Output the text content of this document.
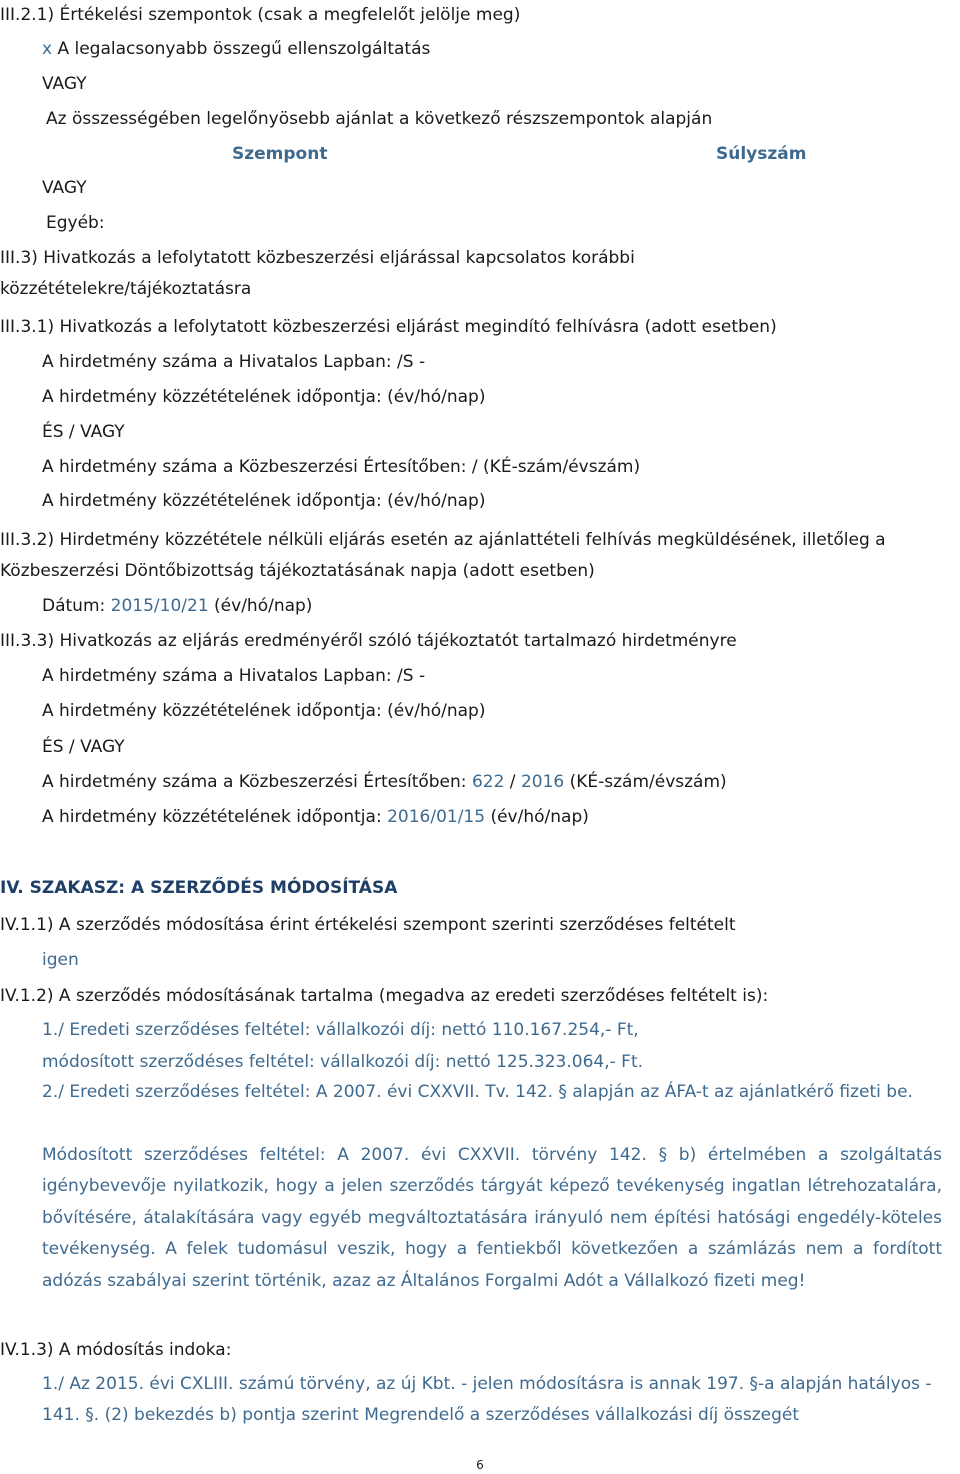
III.2.1) Értékelési szempontok (csak a megfelelőt jelölje meg)
x A legalacsonyabb összegű ellenszolgáltatás
VAGY
Az összességében legelőnyösebb ajánlat a következő részszempontok alapján
Szempont	Súlyszám
VAGY
Egyéb:
III.3) Hivatkozás a lefolytatott közbeszerzési eljárással kapcsolatos korábbi
közzétételekre/tájékoztatásra
III.3.1) Hivatkozás a lefolytatott közbeszerzési eljárást megindító felhívásra (adott esetben)
A hirdetmény száma a Hivatalos Lapban: /S -
A hirdetmény közzétételének időpontja: (év/hó/nap)
ÉS / VAGY
A hirdetmény száma a Közbeszerzési Értesítőben: / (KÉ-szám/évszám)
A hirdetmény közzétételének időpontja: (év/hó/nap)
III.3.2) Hirdetmény közzététele nélküli eljárás esetén az ajánlattételi felhívás megküldésének, illetőleg a
Közbeszerzési Döntőbizottság tájékoztatásának napja (adott esetben)
Dátum: 2015/10/21 (év/hó/nap)
III.3.3) Hivatkozás az eljárás eredményéről szóló tájékoztatót tartalmazó hirdetményre
A hirdetmény száma a Hivatalos Lapban: /S -
A hirdetmény közzétételének időpontja: (év/hó/nap)
ÉS / VAGY
A hirdetmény száma a Közbeszerzési Értesítőben: 622 / 2016 (KÉ-szám/évszám)
A hirdetmény közzétételének időpontja: 2016/01/15 (év/hó/nap)
IV. SZAKASZ: A SZERZŐDÉS MÓDOSÍTÁSA
IV.1.1) A szerződés módosítása érint értékelési szempont szerinti szerződéses feltételt
igen
IV.1.2) A szerződés módosításának tartalma (megadva az eredeti szerződéses feltételt is):
1./ Eredeti szerződéses feltétel: vállalkozói díj: nettó 110.167.254,- Ft,
módosított szerződéses feltétel: vállalkozói díj: nettó 125.323.064,- Ft.
2./ Eredeti szerződéses feltétel: A 2007. évi CXXVII. Tv. 142. § alapján az ÁFA-t az ajánlatkérő fizeti be.
Módosított szerződéses feltétel: A 2007. évi CXXVII. törvény 142. § b) értelmében a szolgáltatás igénybevevője nyilatkozik, hogy a jelen szerződés tárgyát képező tevékenység ingatlan létrehozatalára, bővítésére, átalakítására vagy egyéb megváltoztatására irányuló nem építési hatósági engedély-köteles tevékenység. A felek tudomásul veszik, hogy a fentiekből következően a számlázás nem a fordított adózás szabályai szerint történik, azaz az Általános Forgalmi Adót a Vállalkozó fizeti meg!
IV.1.3) A módosítás indoka:
1./ Az 2015. évi CXLIII. számú törvény, az új Kbt. - jelen módosításra is annak 197. §-a alapján hatályos - 141. §. (2) bekezdés b) pontja szerint Megrendelő a szerződéses vállalkozási díj összegét
6
